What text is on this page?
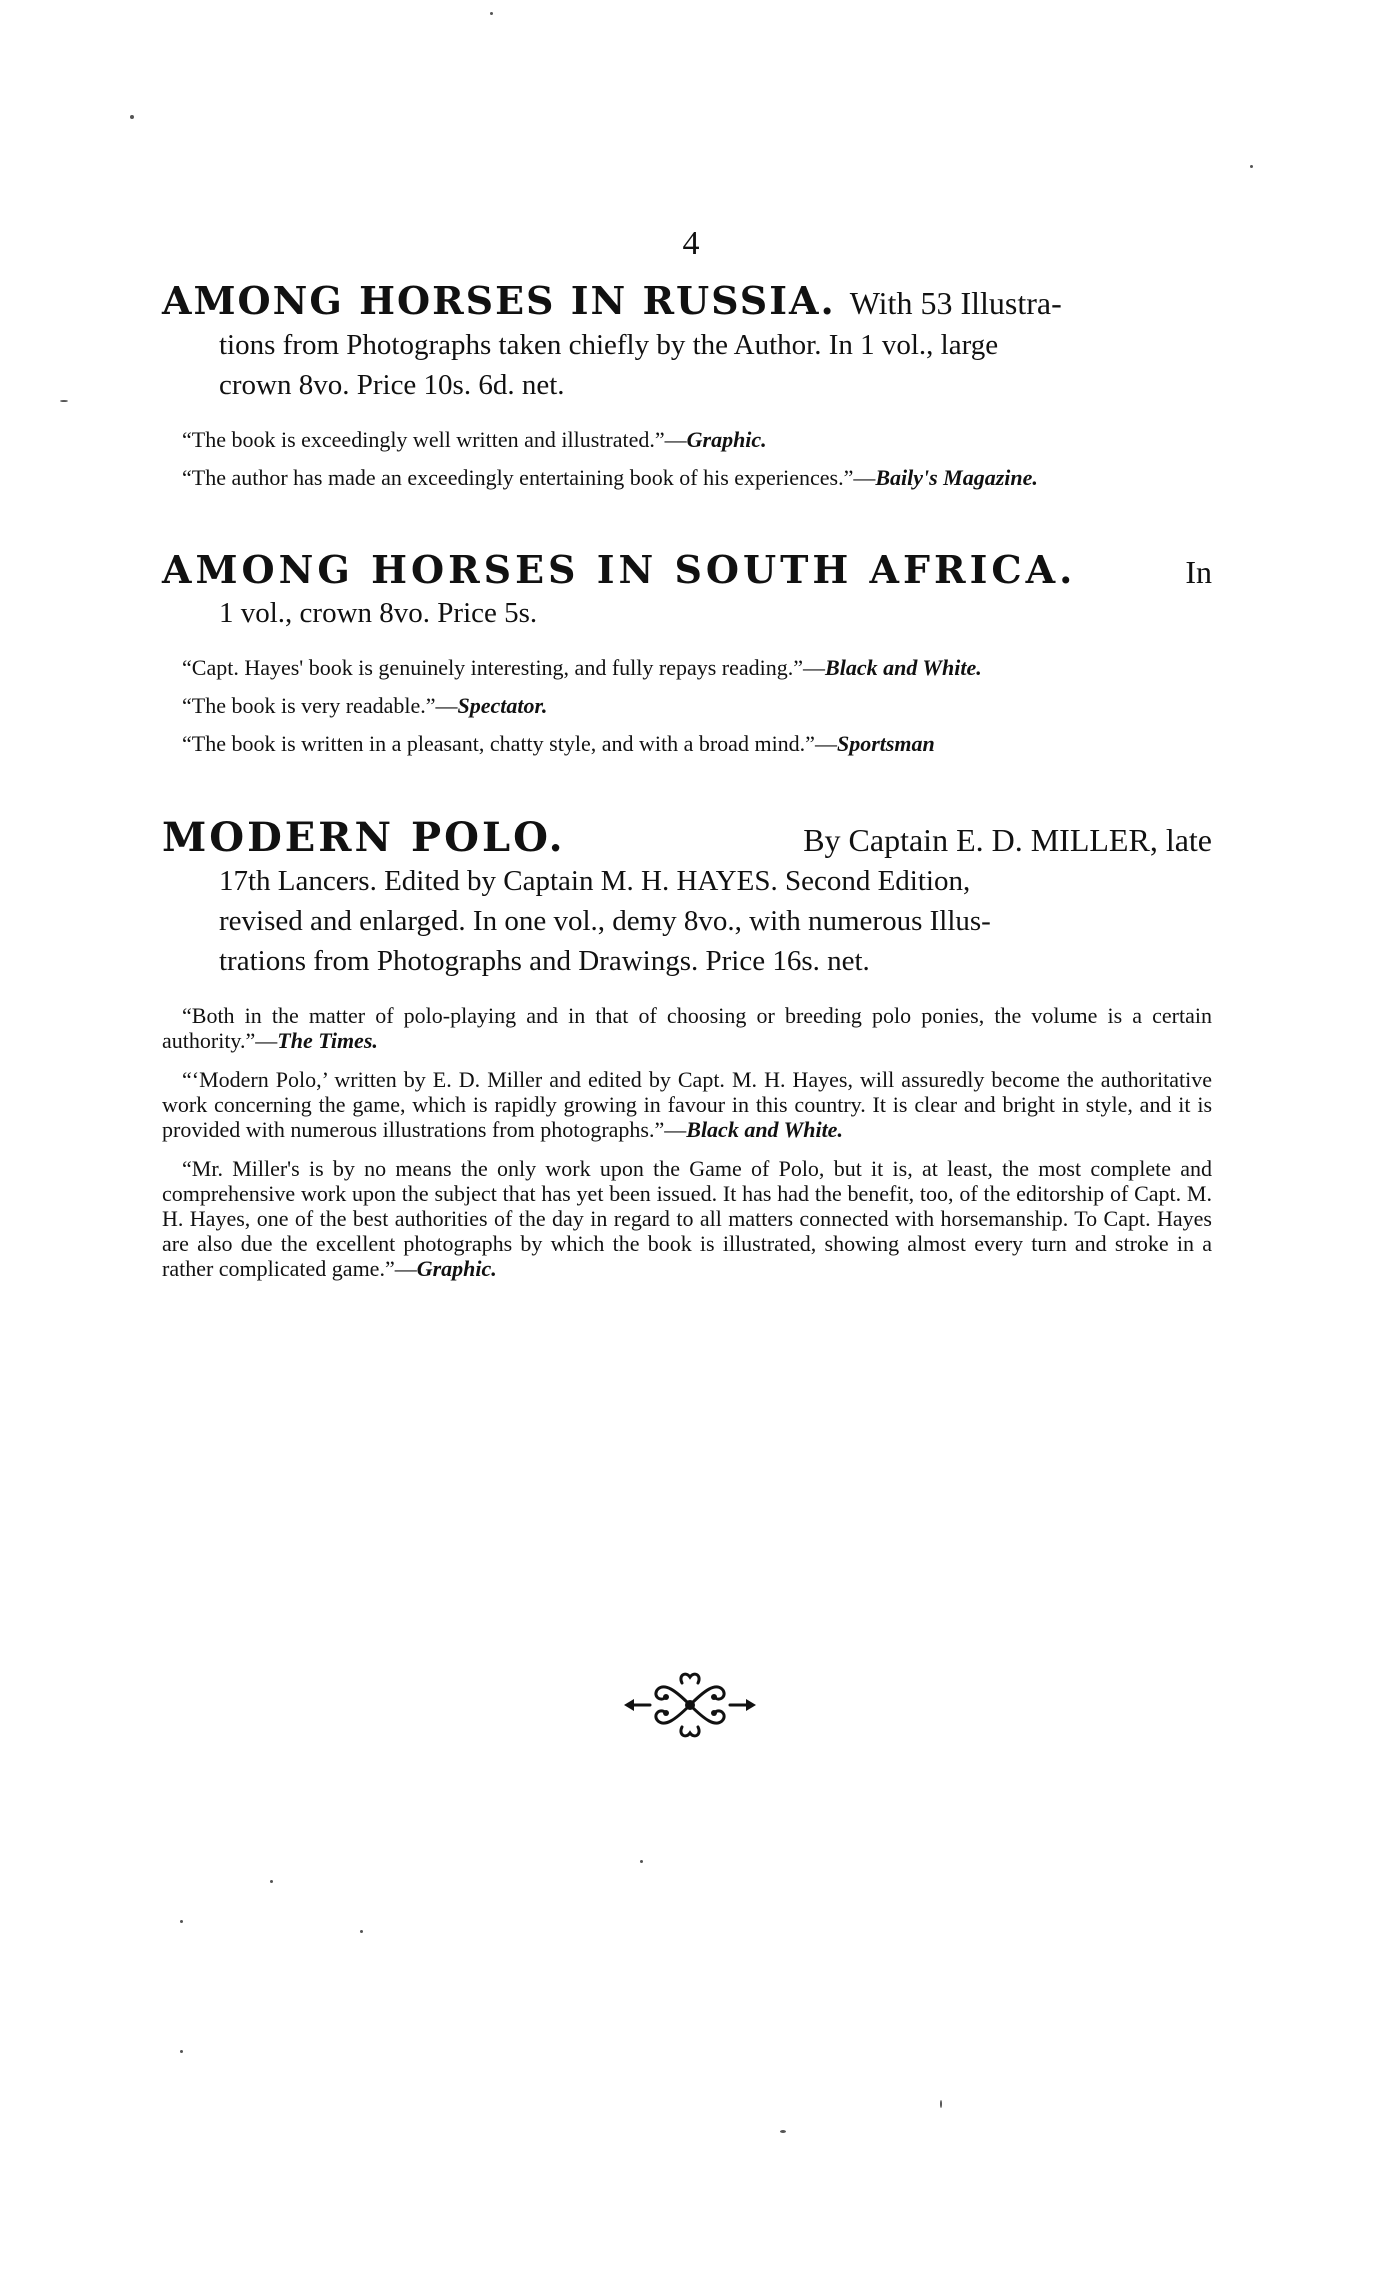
4
AMONG HORSES IN RUSSIA. With 53 Illustra-
tions from Photographs taken chiefly by the Author. In 1 vol., large
crown 8vo. Price 10s. 6d. net.

“The book is exceedingly well written and illustrated.”—Graphic.

“The author has made an exceedingly entertaining book of his experiences.”—Baily's Magazine.

AMONG HORSES IN SOUTH AFRICA.	In
1 vol., crown 8vo. Price 5s.

“Capt. Hayes' book is genuinely interesting, and fully repays reading.”—Black and White.

“The book is very readable.”—Spectator.

“The book is written in a pleasant, chatty style, and with a broad mind.”—Sportsman

MODERN POLO.	By Captain E. D. MILLER, late
17th Lancers. Edited by Captain M. H. HAYES. Second Edition,
revised and enlarged. In one vol., demy 8vo., with numerous Illus-
trations from Photographs and Drawings. Price 16s. net.

“Both in the matter of polo-playing and in that of choosing or breeding polo ponies, the volume is a certain authority.”—The Times.

“‘Modern Polo,’ written by E. D. Miller and edited by Capt. M. H. Hayes, will assuredly become the authoritative work concerning the game, which is rapidly growing in favour in this country. It is clear and bright in style, and it is provided with numerous illustrations from photographs.”—Black and White.

“Mr. Miller's is by no means the only work upon the Game of Polo, but it is, at least, the most complete and comprehensive work upon the subject that has yet been issued. It has had the benefit, too, of the editorship of Capt. M. H. Hayes, one of the best authorities of the day in regard to all matters connected with horsemanship. To Capt. Hayes are also due the excellent photographs by which the book is illustrated, showing almost every turn and stroke in a rather complicated game.”—Graphic.
